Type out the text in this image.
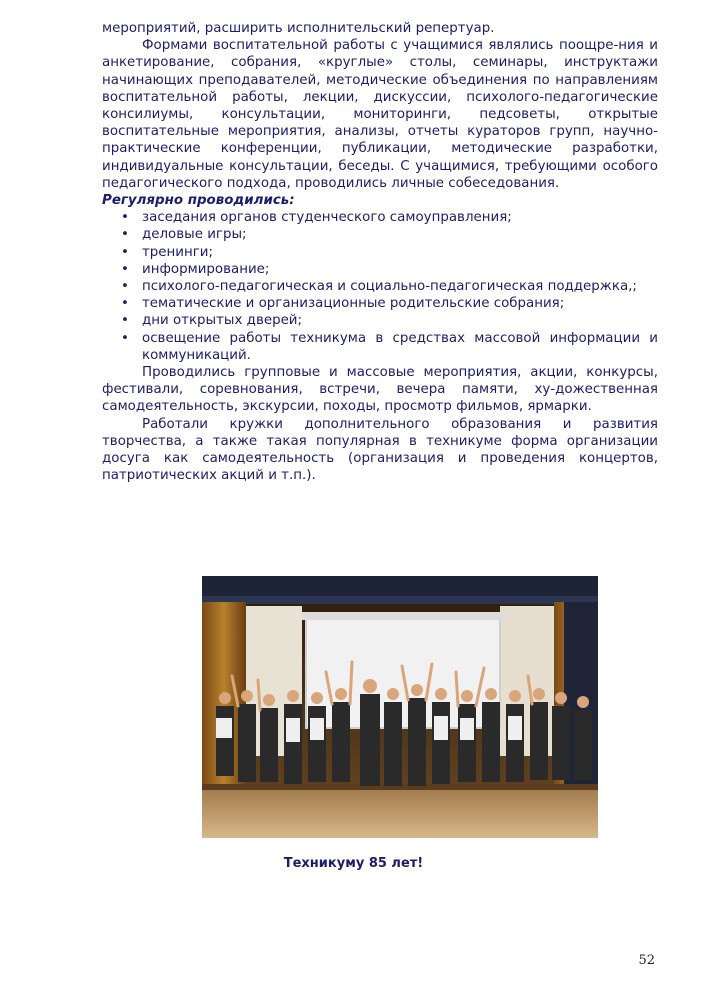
мероприятий, расширить исполнительский репертуар.

Формами воспитательной работы с учащимися являлись поощре-ния и анкетирование, собрания, «круглые» столы, семинары, инструктажи начинающих преподавателей, методические объединения по направлениям воспитательной работы, лекции, дискуссии, психолого-педагогические консилиумы, консультации, мониторинги, педсоветы, открытые воспитательные мероприятия, анализы, отчеты кураторов групп, научно-практические конференции, публикации, методические разработки, индивидуальные консультации, беседы. С учащимися, требующими особого педагогического подхода, проводились личные собеседования.

Регулярно проводились:

• заседания органов студенческого самоуправления;
• деловые игры;
• тренинги;
• информирование;
• психолого-педагогическая и социально-педагогическая поддержка,;
• тематические и организационные родительские собрания;
• дни открытых дверей;
• освещение работы техникума в средствах массовой информации и коммуникаций.

Проводились групповые и массовые мероприятия, акции, конкурсы, фестивали, соревнования, встречи, вечера памяти, ху-дожественная самодеятельность, экскурсии, походы, просмотр фильмов, ярмарки.

Работали кружки дополнительного образования и развития творчества, а также такая популярная в техникуме форма организации досуга как самодеятельность (организация и проведения концертов, патриотических акций и т.п.).

Техникуму 85 лет!
52
